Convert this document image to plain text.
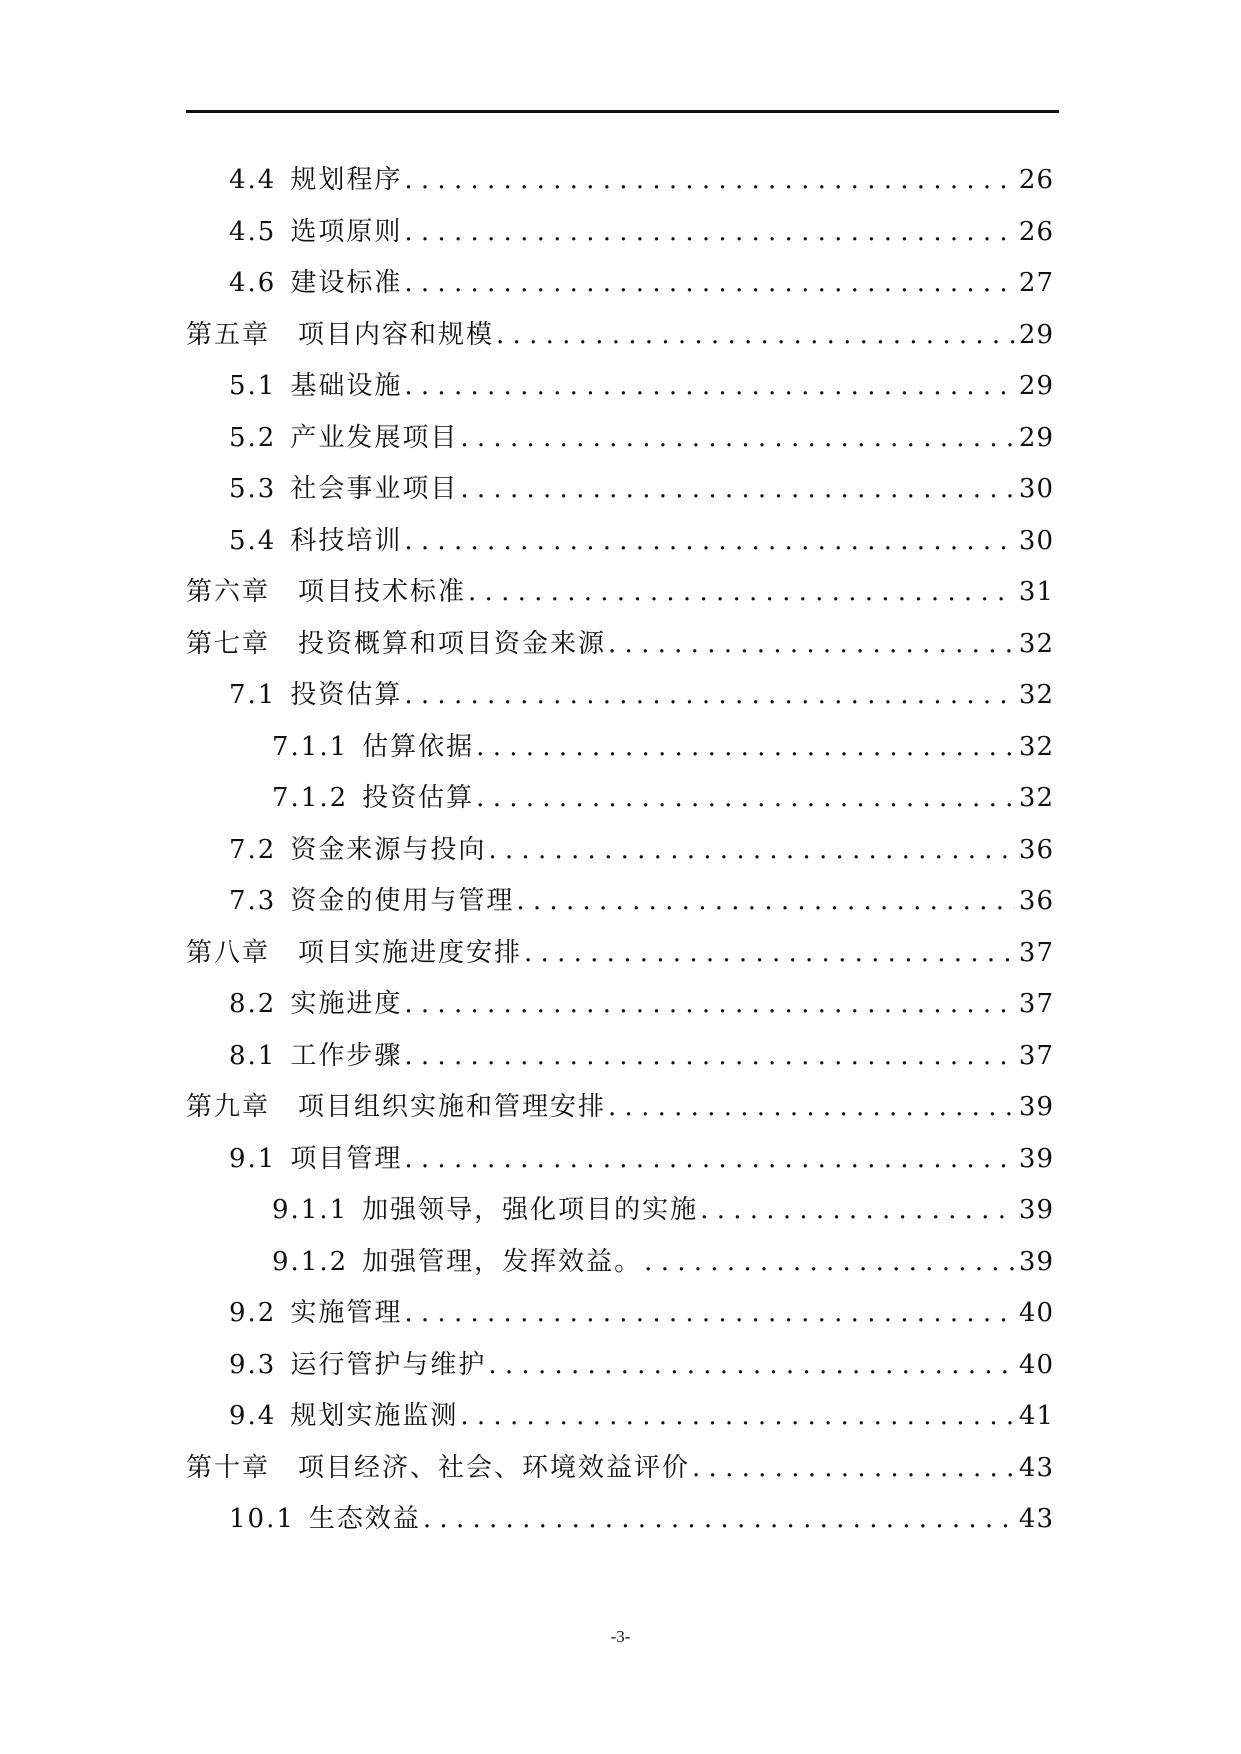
4.4 规划程序 . . .	26
4.5 选项原则 . . .	26
4.6 建设标准 . . .	27
第五章 项目内容和规模 . . .	29
5.1 基础设施 . . .	29
5.2 产业发展项目 . . .	29
5.3 社会事业项目 . . .	30
5.4 科技培训 . . .	30
第六章 项目技术标准 . . .	31
第七章 投资概算和项目资金来源 . . .	32
7.1 投资估算 . . .	32
7.1.1 估算依据 . . .	32
7.1.2 投资估算 . . .	32
7.2 资金来源与投向 . . .	36
7.3 资金的使用与管理 . . .	36
第八章 项目实施进度安排 . . .	37
8.2 实施进度 . . .	37
8.1 工作步骤 . . .	37
第九章 项目组织实施和管理安排 . . .	39
9.1 项目管理 . . .	39
9.1.1 加强领导，强化项目的实施 . . .	39
9.1.2 加强管理，发挥效益。 . . .	39
9.2 实施管理 . . .	40
9.3 运行管护与维护 . . .	40
9.4 规划实施监测 . . .	41
第十章 项目经济、社会、环境效益评价 . . .	43
10.1 生态效益 . . .	43
-3-
